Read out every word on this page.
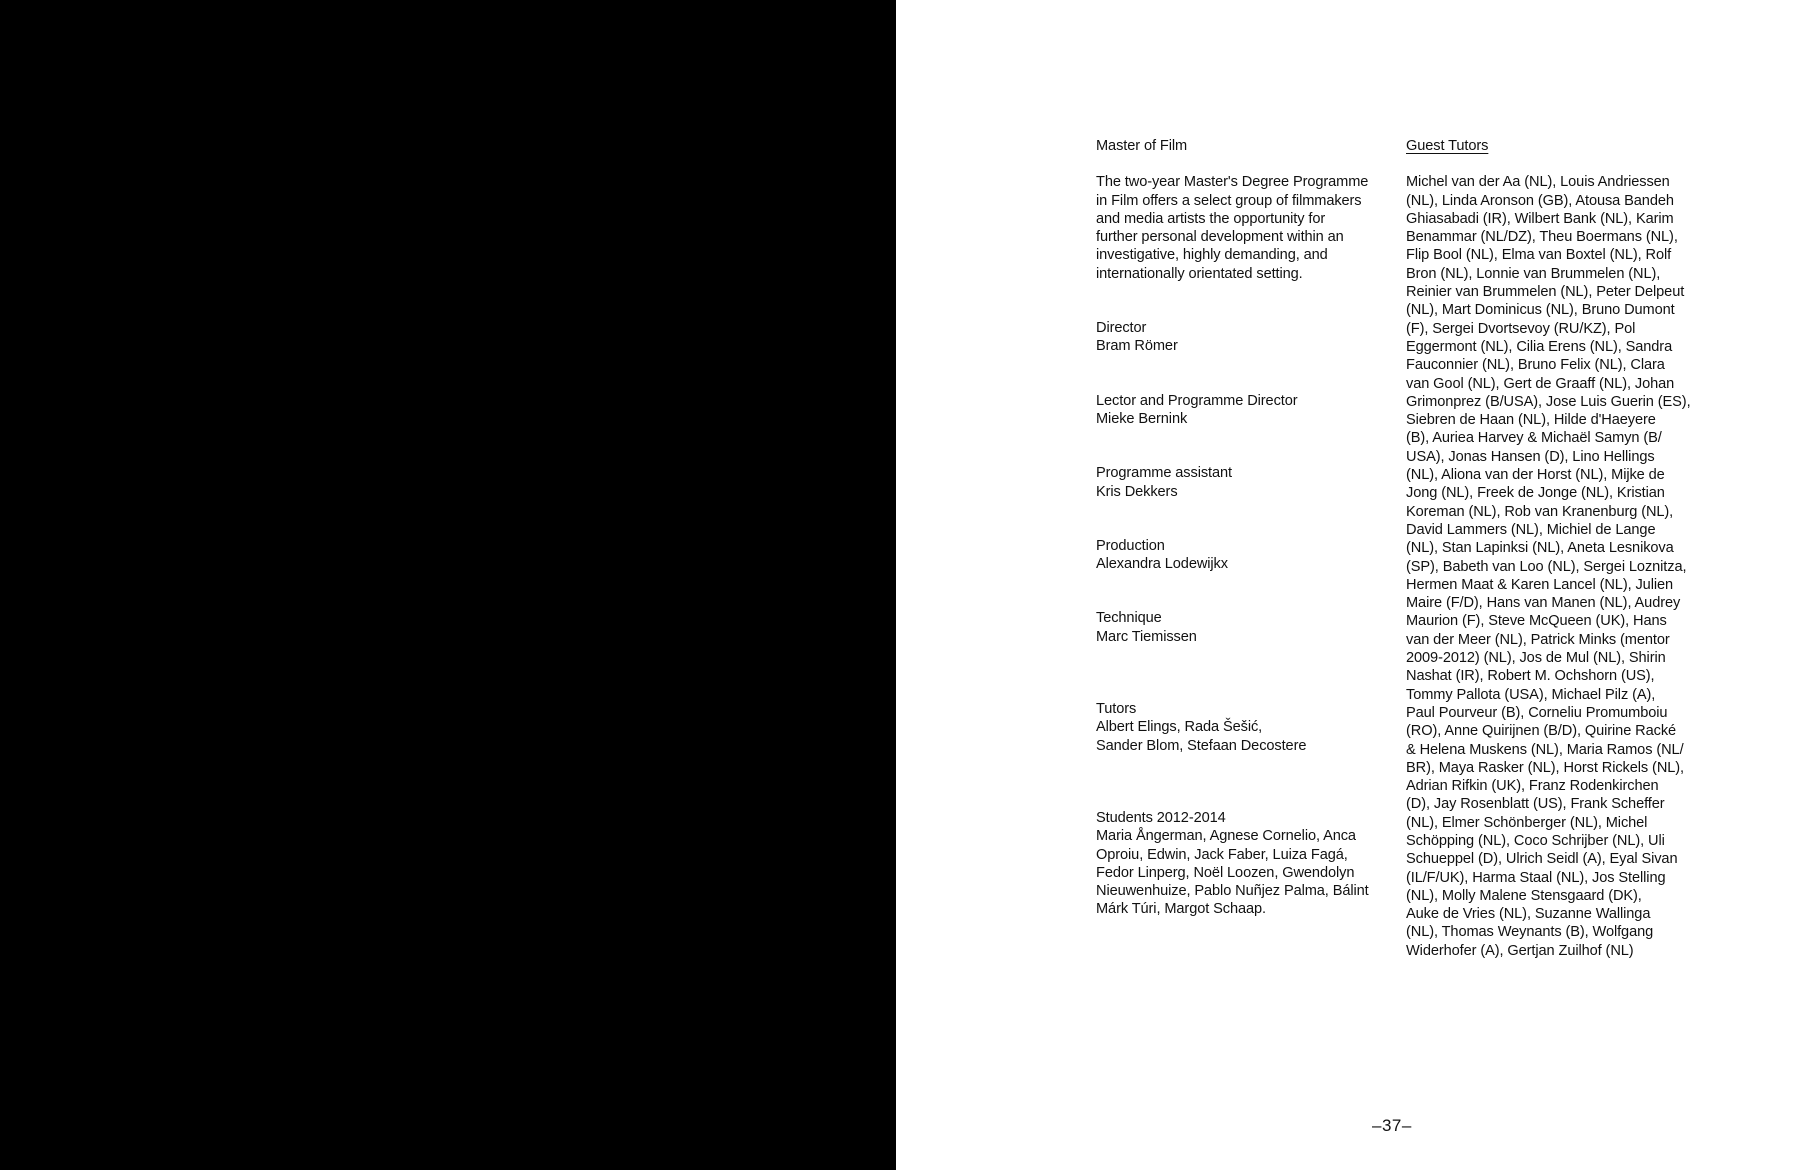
Master of Film
The two-year Master's Degree Programme
in Film offers a select group of filmmakers
and media artists the opportunity for
further personal development within an
investigative, highly demanding, and
internationally orientated setting.
Director
Bram Römer
Lector and Programme Director
Mieke Bernink
Programme assistant
Kris Dekkers
Production
Alexandra Lodewijkx
Technique
Marc Tiemissen
Tutors
Albert Elings, Rada Šešić,
Sander Blom, Stefaan Decostere
Students 2012-2014
Maria Ångerman, Agnese Cornelio, Anca
Oproiu, Edwin, Jack Faber, Luiza Fagá,
Fedor Linperg, Noël Loozen, Gwendolyn
Nieuwenhuize, Pablo Nuñjez Palma, Bálint
Márk Túri, Margot Schaap.
Guest Tutors
Michel van der Aa (NL), Louis Andriessen
(NL), Linda Aronson (GB), Atousa Bandeh
Ghiasabadi (IR), Wilbert Bank (NL), Karim
Benammar (NL/DZ), Theu Boermans (NL),
Flip Bool (NL), Elma van Boxtel (NL), Rolf
Bron (NL), Lonnie van Brummelen (NL),
Reinier van Brummelen (NL), Peter Delpeut
(NL), Mart Dominicus (NL), Bruno Dumont
(F), Sergei Dvortsevoy (RU/KZ), Pol
Eggermont (NL), Cilia Erens (NL), Sandra
Fauconnier (NL), Bruno Felix (NL), Clara
van Gool (NL), Gert de Graaff (NL), Johan
Grimonprez (B/USA), Jose Luis Guerin (ES),
Siebren de Haan (NL), Hilde d'Haeyere
(B), Auriea Harvey & Michaël Samyn (B/
USA), Jonas Hansen (D), Lino Hellings
(NL), Aliona van der Horst (NL), Mijke de
Jong (NL), Freek de Jonge (NL), Kristian
Koreman (NL), Rob van Kranenburg (NL),
David Lammers (NL), Michiel de Lange
(NL), Stan Lapinksi (NL), Aneta Lesnikova
(SP), Babeth van Loo (NL), Sergei Loznitza,
Hermen Maat & Karen Lancel (NL), Julien
Maire (F/D), Hans van Manen (NL), Audrey
Maurion (F), Steve McQueen (UK), Hans
van der Meer (NL), Patrick Minks (mentor
2009-2012) (NL), Jos de Mul (NL), Shirin
Nashat (IR), Robert M. Ochshorn (US),
Tommy Pallota (USA), Michael Pilz (A),
Paul Pourveur (B), Corneliu Promumboiu
(RO), Anne Quirijnen (B/D), Quirine Racké
& Helena Muskens (NL), Maria Ramos (NL/
BR), Maya Rasker (NL), Horst Rickels (NL),
Adrian Rifkin (UK), Franz Rodenkirchen
(D), Jay Rosenblatt (US), Frank Scheffer
(NL), Elmer Schönberger (NL), Michel
Schöpping (NL), Coco Schrijber (NL), Uli
Schueppel (D), Ulrich Seidl (A), Eyal Sivan
(IL/F/UK), Harma Staal (NL), Jos Stelling
(NL), Molly Malene Stensgaard (DK),
Auke de Vries (NL), Suzanne Wallinga
(NL), Thomas Weynants (B), Wolfgang
Widerhofer (A), Gertjan Zuilhof (NL)
–37–
